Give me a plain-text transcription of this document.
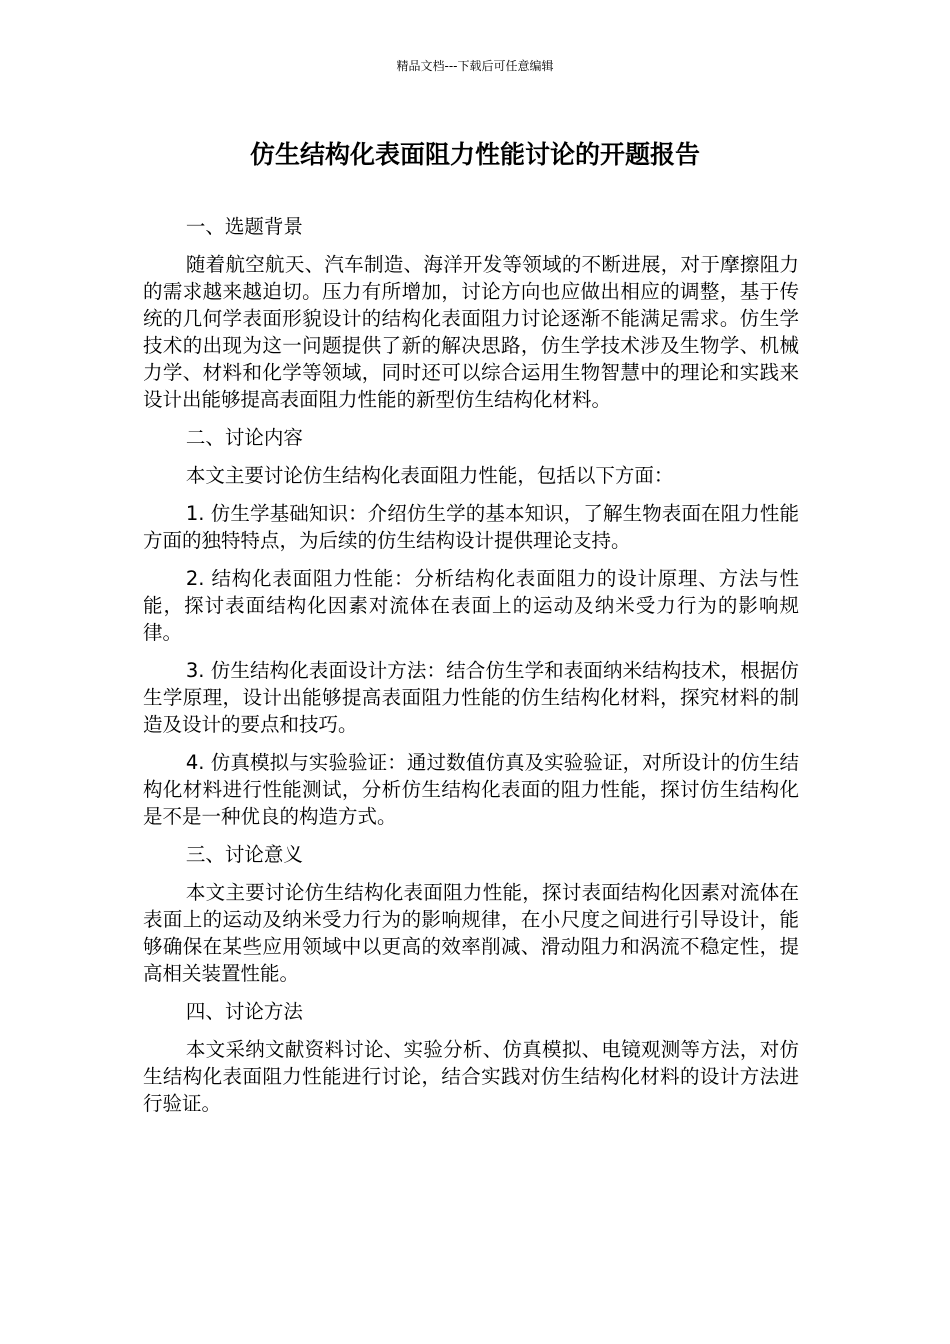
精品文档---下载后可任意编辑
仿生结构化表面阻力性能讨论的开题报告

一、选题背景

随着航空航天、汽车制造、海洋开发等领域的不断进展，对于摩擦阻力的需求越来越迫切。压力有所增加，讨论方向也应做出相应的调整，基于传统的几何学表面形貌设计的结构化表面阻力讨论逐渐不能满足需求。仿生学技术的出现为这一问题提供了新的解决思路，仿生学技术涉及生物学、机械力学、材料和化学等领域，同时还可以综合运用生物智慧中的理论和实践来设计出能够提高表面阻力性能的新型仿生结构化材料。

二、讨论内容

本文主要讨论仿生结构化表面阻力性能，包括以下方面：

1. 仿生学基础知识：介绍仿生学的基本知识，了解生物表面在阻力性能方面的独特特点，为后续的仿生结构设计提供理论支持。

2. 结构化表面阻力性能：分析结构化表面阻力的设计原理、方法与性能，探讨表面结构化因素对流体在表面上的运动及纳米受力行为的影响规律。

3. 仿生结构化表面设计方法：结合仿生学和表面纳米结构技术，根据仿生学原理，设计出能够提高表面阻力性能的仿生结构化材料，探究材料的制造及设计的要点和技巧。

4. 仿真模拟与实验验证：通过数值仿真及实验验证，对所设计的仿生结构化材料进行性能测试，分析仿生结构化表面的阻力性能，探讨仿生结构化是不是一种优良的构造方式。

三、讨论意义

本文主要讨论仿生结构化表面阻力性能，探讨表面结构化因素对流体在表面上的运动及纳米受力行为的影响规律，在小尺度之间进行引导设计，能够确保在某些应用领域中以更高的效率削减、滑动阻力和涡流不稳定性，提高相关装置性能。

四、讨论方法

本文采纳文献资料讨论、实验分析、仿真模拟、电镜观测等方法，对仿生结构化表面阻力性能进行讨论，结合实践对仿生结构化材料的设计方法进行验证。
